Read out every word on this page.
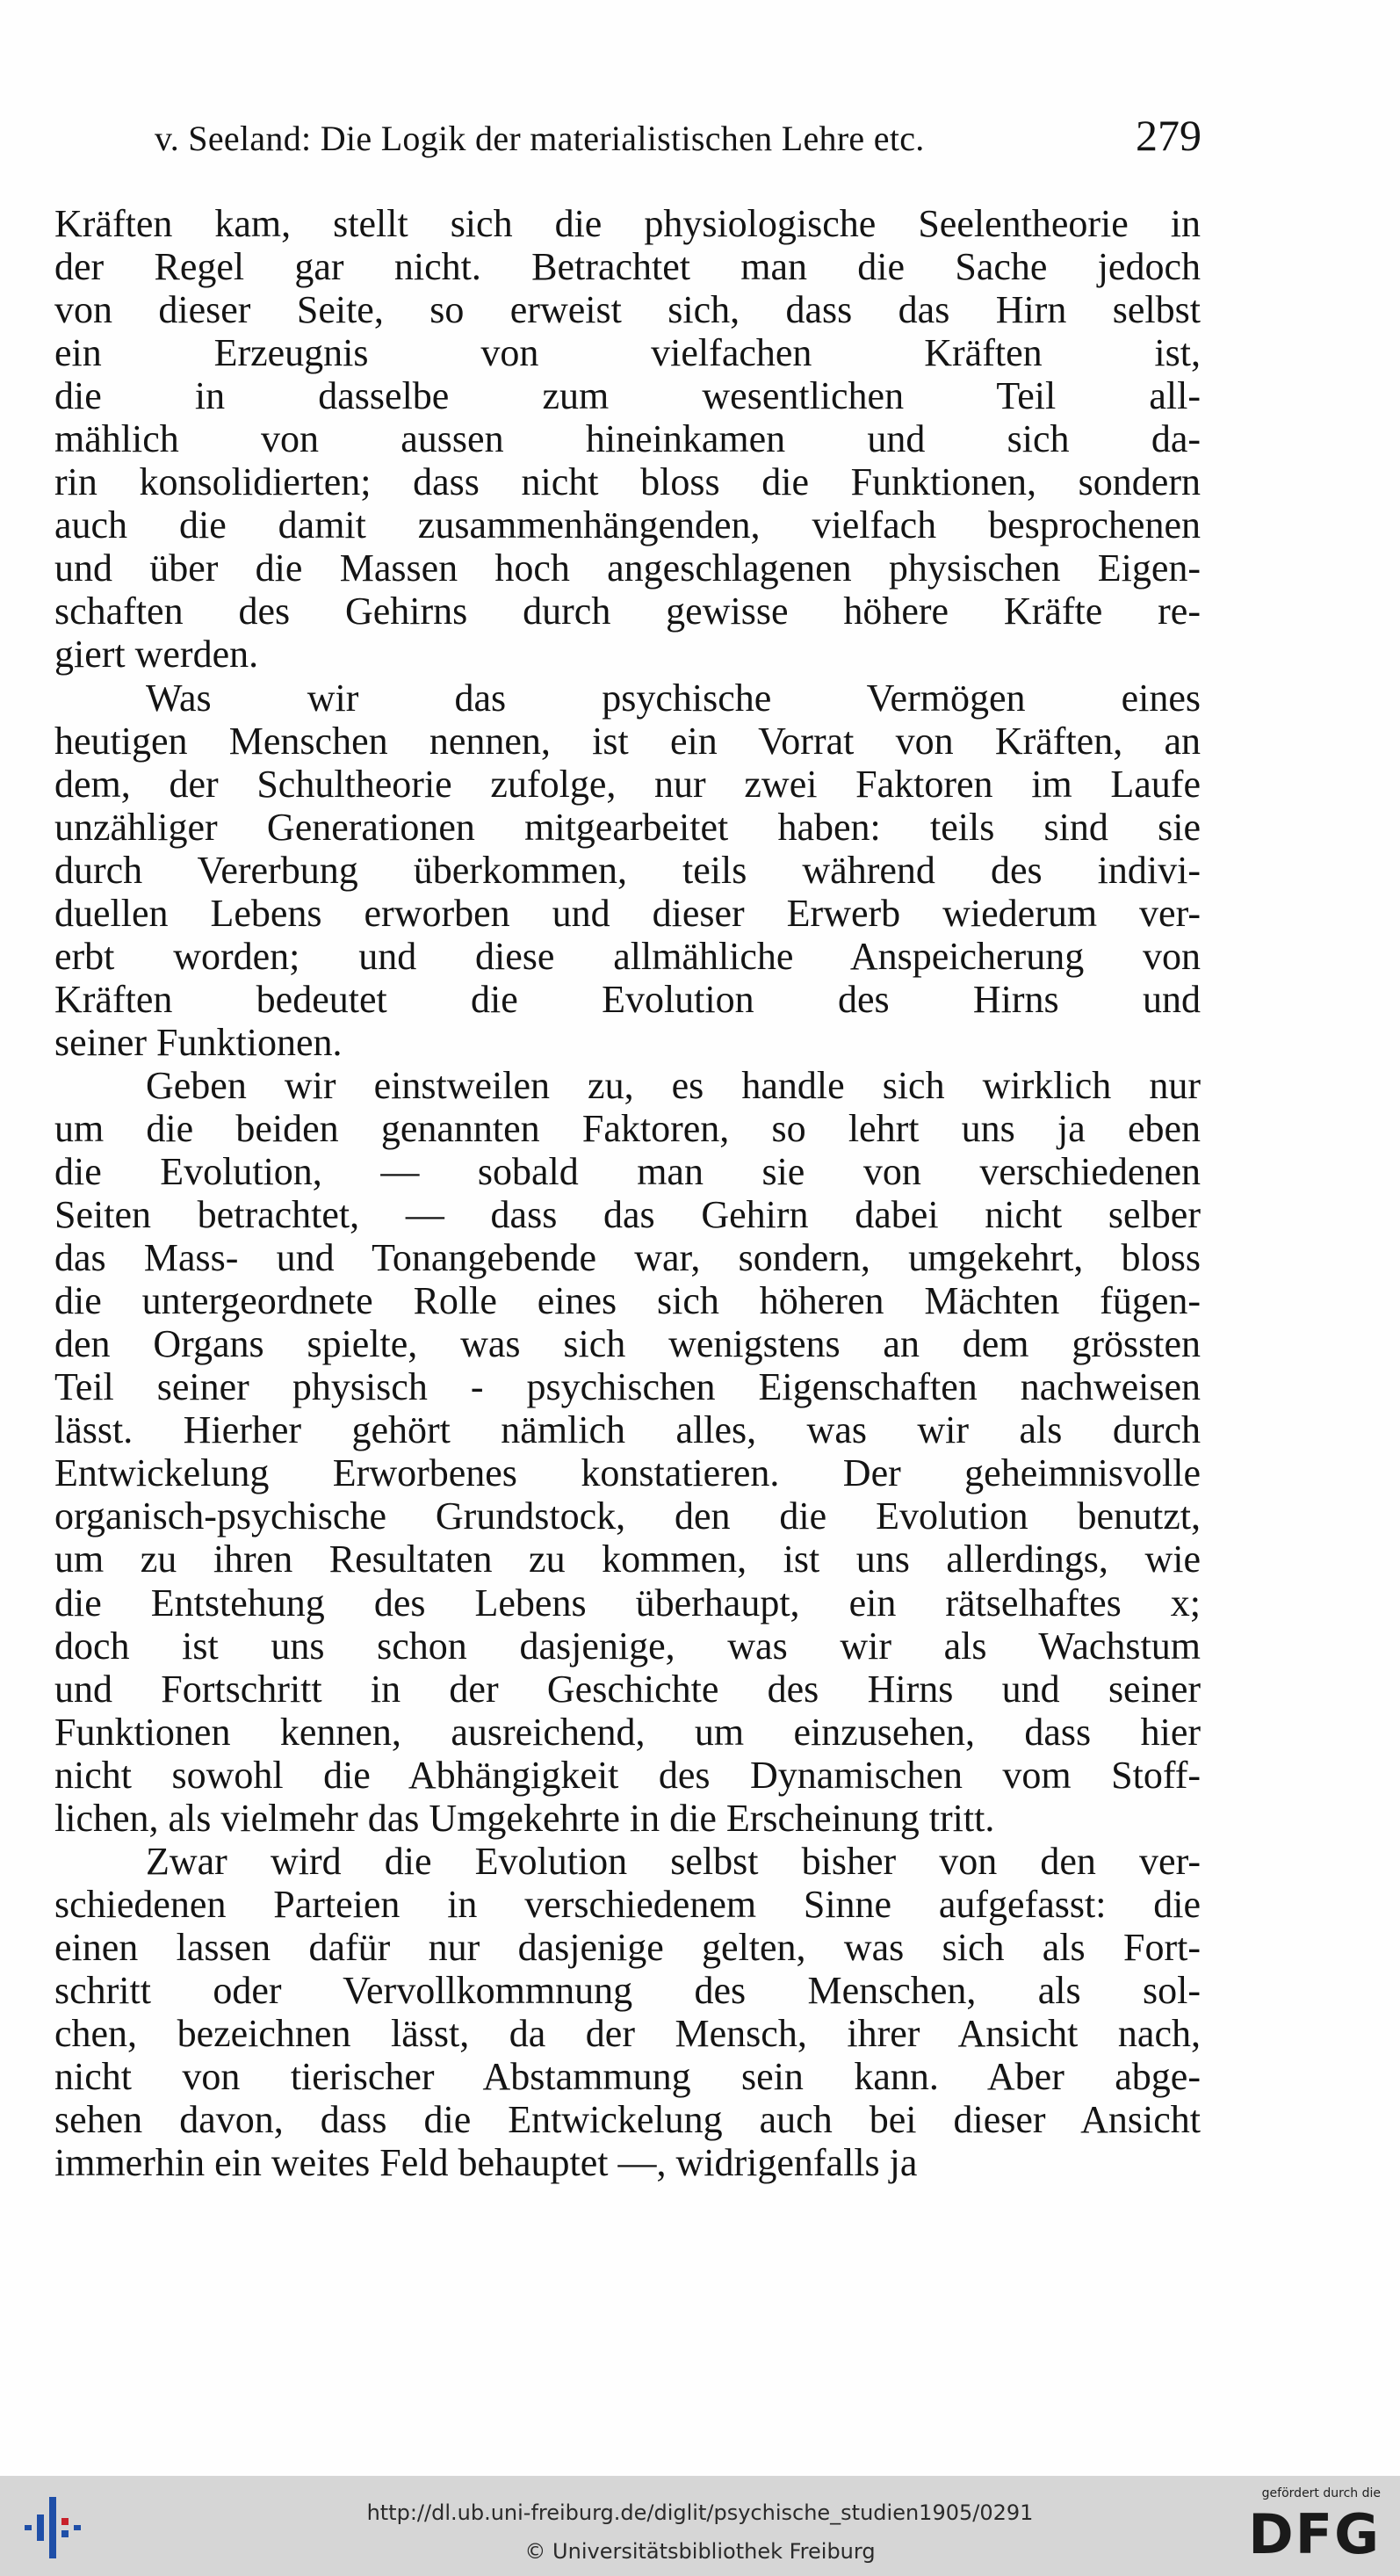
v. Seeland: Die Logik der materialistischen Lehre etc.	279
Kräften kam, stellt sich die physiologische Seelentheorie in
der Regel gar nicht. Betrachtet man die Sache jedoch
von dieser Seite, so erweist sich, dass das Hirn selbst
ein Erzeugnis von vielfachen Kräften ist,
die in dasselbe zum wesentlichen Teil all-
mählich von aussen hineinkamen und sich da-
rin konsolidierten; dass nicht bloss die Funktionen, sondern
auch die damit zusammenhängenden, vielfach besprochenen
und über die Massen hoch angeschlagenen physischen Eigen-
schaften des Gehirns durch gewisse höhere Kräfte re-
giert werden.
Was wir das psychische Vermögen eines
heutigen Menschen nennen, ist ein Vorrat von Kräften, an
dem, der Schultheorie zufolge, nur zwei Faktoren im Laufe
unzähliger Generationen mitgearbeitet haben: teils sind sie
durch Vererbung überkommen, teils während des indivi-
duellen Lebens erworben und dieser Erwerb wiederum ver-
erbt worden; und diese allmähliche Anspeicherung von
Kräften bedeutet die Evolution des Hirns und
seiner Funktionen.
Geben wir einstweilen zu, es handle sich wirklich nur
um die beiden genannten Faktoren, so lehrt uns ja eben
die Evolution, — sobald man sie von verschiedenen
Seiten betrachtet, — dass das Gehirn dabei nicht selber
das Mass- und Tonangebende war, sondern, umgekehrt, bloss
die untergeordnete Rolle eines sich höheren Mächten fügen-
den Organs spielte, was sich wenigstens an dem grössten
Teil seiner physisch - psychischen Eigenschaften nachweisen
lässt. Hierher gehört nämlich alles, was wir als durch
Entwickelung Erworbenes konstatieren. Der geheimnisvolle
organisch-psychische Grundstock, den die Evolution benutzt,
um zu ihren Resultaten zu kommen, ist uns allerdings, wie
die Entstehung des Lebens überhaupt, ein rätselhaftes x;
doch ist uns schon dasjenige, was wir als Wachstum
und Fortschritt in der Geschichte des Hirns und seiner
Funktionen kennen, ausreichend, um einzusehen, dass hier
nicht sowohl die Abhängigkeit des Dynamischen vom Stoff-
lichen, als vielmehr das Umgekehrte in die Erscheinung tritt.
Zwar wird die Evolution selbst bisher von den ver-
schiedenen Parteien in verschiedenem Sinne aufgefasst: die
einen lassen dafür nur dasjenige gelten, was sich als Fort-
schritt oder Vervollkommnung des Menschen, als sol-
chen, bezeichnen lässt, da der Mensch, ihrer Ansicht nach,
nicht von tierischer Abstammung sein kann. Aber abge-
sehen davon, dass die Entwickelung auch bei dieser Ansicht
immerhin ein weites Feld behauptet —, widrigenfalls ja
http://dl.ub.uni-freiburg.de/diglit/psychische_studien1905/0291
© Universitätsbibliothek Freiburg
gefördert durch die
DFG
